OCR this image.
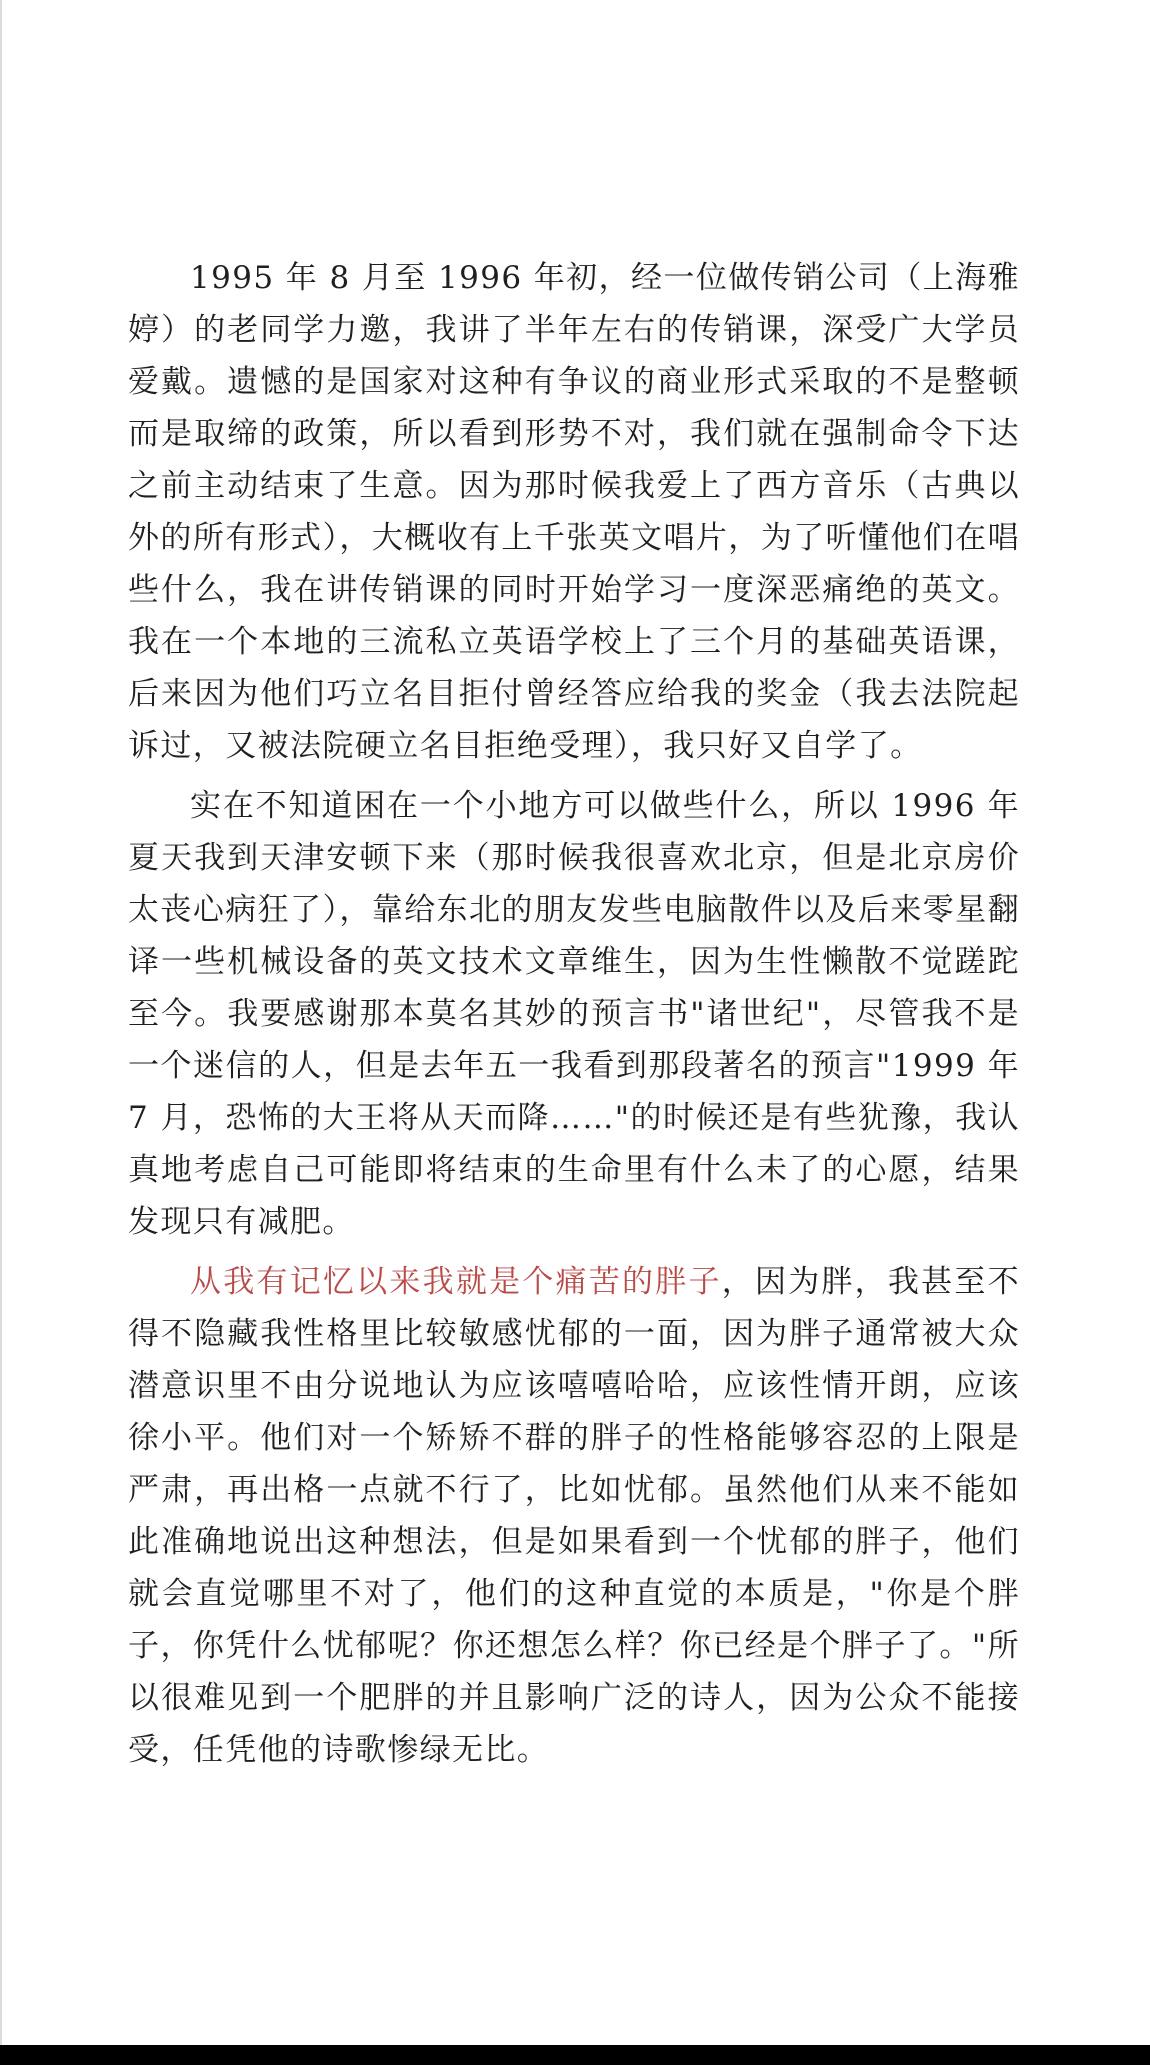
1995 年 8 月至 1996 年初，经一位做传销公司（上海雅婷）的老同学力邀，我讲了半年左右的传销课，深受广大学员爱戴。遗憾的是国家对这种有争议的商业形式采取的不是整顿而是取缔的政策，所以看到形势不对，我们就在强制命令下达之前主动结束了生意。因为那时候我爱上了西方音乐（古典以外的所有形式），大概收有上千张英文唱片，为了听懂他们在唱些什么，我在讲传销课的同时开始学习一度深恶痛绝的英文。我在一个本地的三流私立英语学校上了三个月的基础英语课，后来因为他们巧立名目拒付曾经答应给我的奖金（我去法院起诉过，又被法院硬立名目拒绝受理），我只好又自学了。

实在不知道困在一个小地方可以做些什么，所以 1996 年夏天我到天津安顿下来（那时候我很喜欢北京，但是北京房价太丧心病狂了），靠给东北的朋友发些电脑散件以及后来零星翻译一些机械设备的英文技术文章维生，因为生性懒散不觉蹉跎至今。我要感谢那本莫名其妙的预言书"诸世纪"，尽管我不是一个迷信的人，但是去年五一我看到那段著名的预言"1999 年 7 月，恐怖的大王将从天而降……"的时候还是有些犹豫，我认真地考虑自己可能即将结束的生命里有什么未了的心愿，结果发现只有减肥。

从我有记忆以来我就是个痛苦的胖子，因为胖，我甚至不得不隐藏我性格里比较敏感忧郁的一面，因为胖子通常被大众潜意识里不由分说地认为应该嘻嘻哈哈，应该性情开朗，应该徐小平。他们对一个矫矫不群的胖子的性格能够容忍的上限是严肃，再出格一点就不行了，比如忧郁。虽然他们从来不能如此准确地说出这种想法，但是如果看到一个忧郁的胖子，他们就会直觉哪里不对了，他们的这种直觉的本质是，"你是个胖子，你凭什么忧郁呢？你还想怎么样？你已经是个胖子了。"所以很难见到一个肥胖的并且影响广泛的诗人，因为公众不能接受，任凭他的诗歌惨绿无比。
